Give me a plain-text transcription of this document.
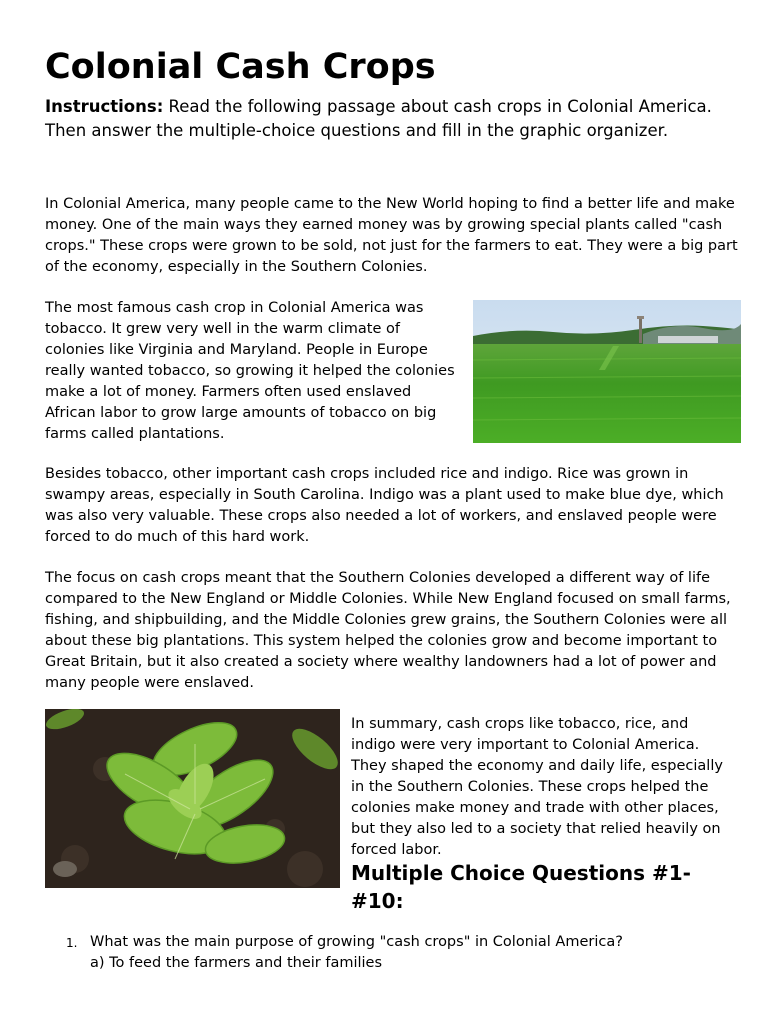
Colonial Cash Crops

Instructions: Read the following passage about cash crops in Colonial America. Then answer the multiple-choice questions and fill in the graphic organizer.

In Colonial America, many people came to the New World hoping to find a better life and make money. One of the main ways they earned money was by growing special plants called "cash crops." These crops were grown to be sold, not just for the farmers to eat. They were a big part of the economy, especially in the Southern Colonies.

The most famous cash crop in Colonial America was tobacco. It grew very well in the warm climate of colonies like Virginia and Maryland. People in Europe really wanted tobacco, so growing it helped the colonies make a lot of money. Farmers often used enslaved African labor to grow large amounts of tobacco on big farms called plantations.

Besides tobacco, other important cash crops included rice and indigo. Rice was grown in swampy areas, especially in South Carolina. Indigo was a plant used to make blue dye, which was also very valuable. These crops also needed a lot of workers, and enslaved people were forced to do much of this hard work.

The focus on cash crops meant that the Southern Colonies developed a different way of life compared to the New England or Middle Colonies. While New England focused on small farms, fishing, and shipbuilding, and the Middle Colonies grew grains, the Southern Colonies were all about these big plantations. This system helped the colonies grow and become important to Great Britain, but it also created a society where wealthy landowners had a lot of power and many people were enslaved.

In summary, cash crops like tobacco, rice, and indigo were very important to Colonial America. They shaped the economy and daily life, especially in the Southern Colonies. These crops helped the colonies make money and trade with other places, but they also led to a society that relied heavily on forced labor.

Multiple Choice Questions #1-#10:
1. What was the main purpose of growing "cash crops" in Colonial America?
a) To feed the farmers and their families
